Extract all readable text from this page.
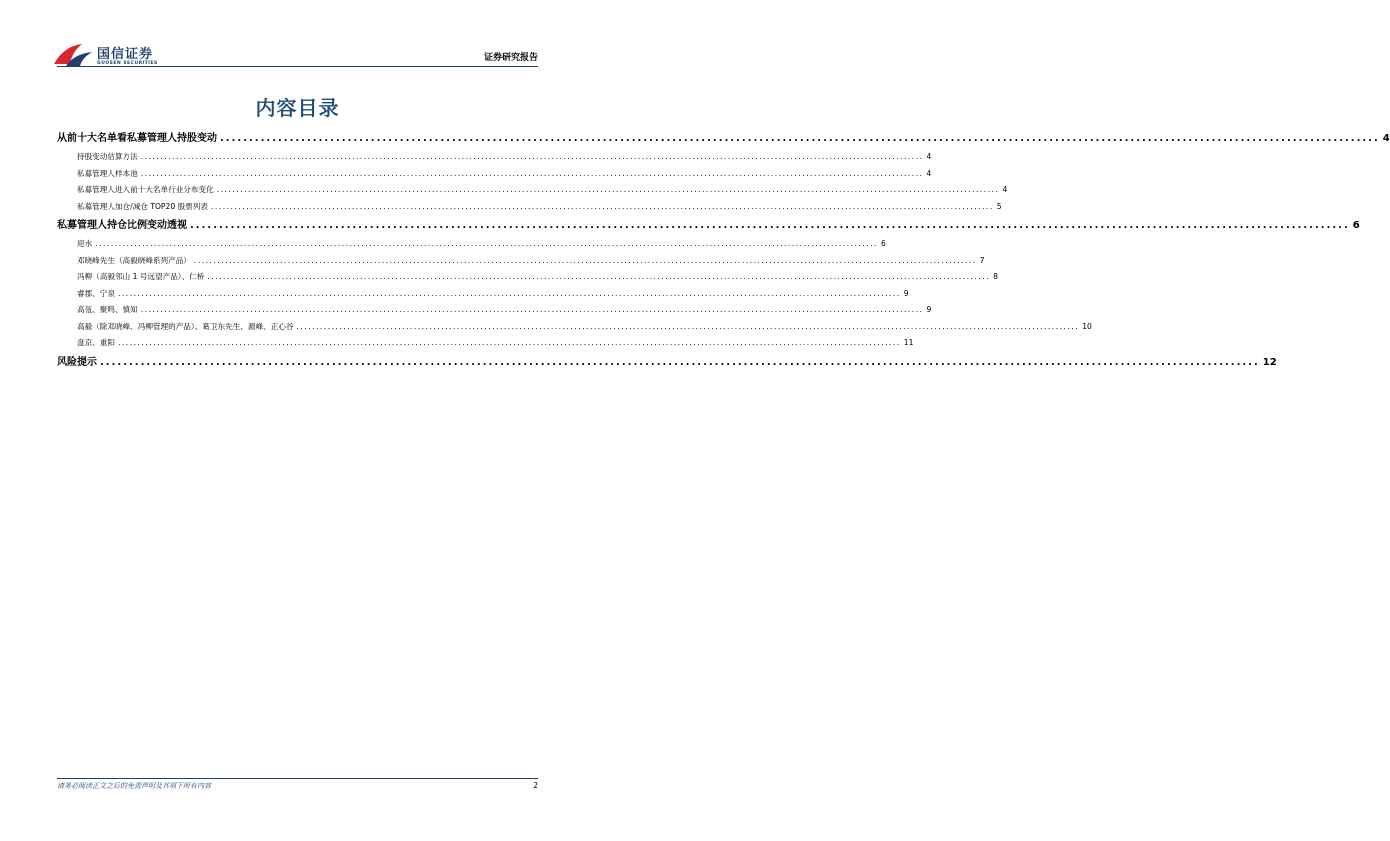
国信证券
GUOSEN SECURITIES
证券研究报告
内容目录
从前十大名单看私募管理人持股变动 ........................................................................................................................................................................................................ 4
持股变动估算方法 ........................................................................................................................................................................................................ 4
私募管理人样本池 ........................................................................................................................................................................................................ 4
私募管理人进入前十大名单行业分布变化 ........................................................................................................................................................................................................ 4
私募管理人加仓/减仓 TOP20 股票列表 ........................................................................................................................................................................................................ 5
私募管理人持仓比例变动透视 ........................................................................................................................................................................................................ 6
迎水 ........................................................................................................................................................................................................ 6
邓晓峰先生（高毅晓峰系列产品） ........................................................................................................................................................................................................ 7
冯柳（高毅邻山 1 号远望产品）、仁桥 ........................................................................................................................................................................................................ 8
睿郡、宁泉 ........................................................................................................................................................................................................ 9
高瓴、聚鸣、慎知 ........................................................................................................................................................................................................ 9
高毅（除邓晓峰、冯柳管理的产品）、葛卫东先生、源峰、正心谷 ........................................................................................................................................................................................................ 10
盘京、重阳 ........................................................................................................................................................................................................ 11
风险提示 ........................................................................................................................................................................................................ 12
请务必阅读正文之后的免责声明及其项下所有内容	2
